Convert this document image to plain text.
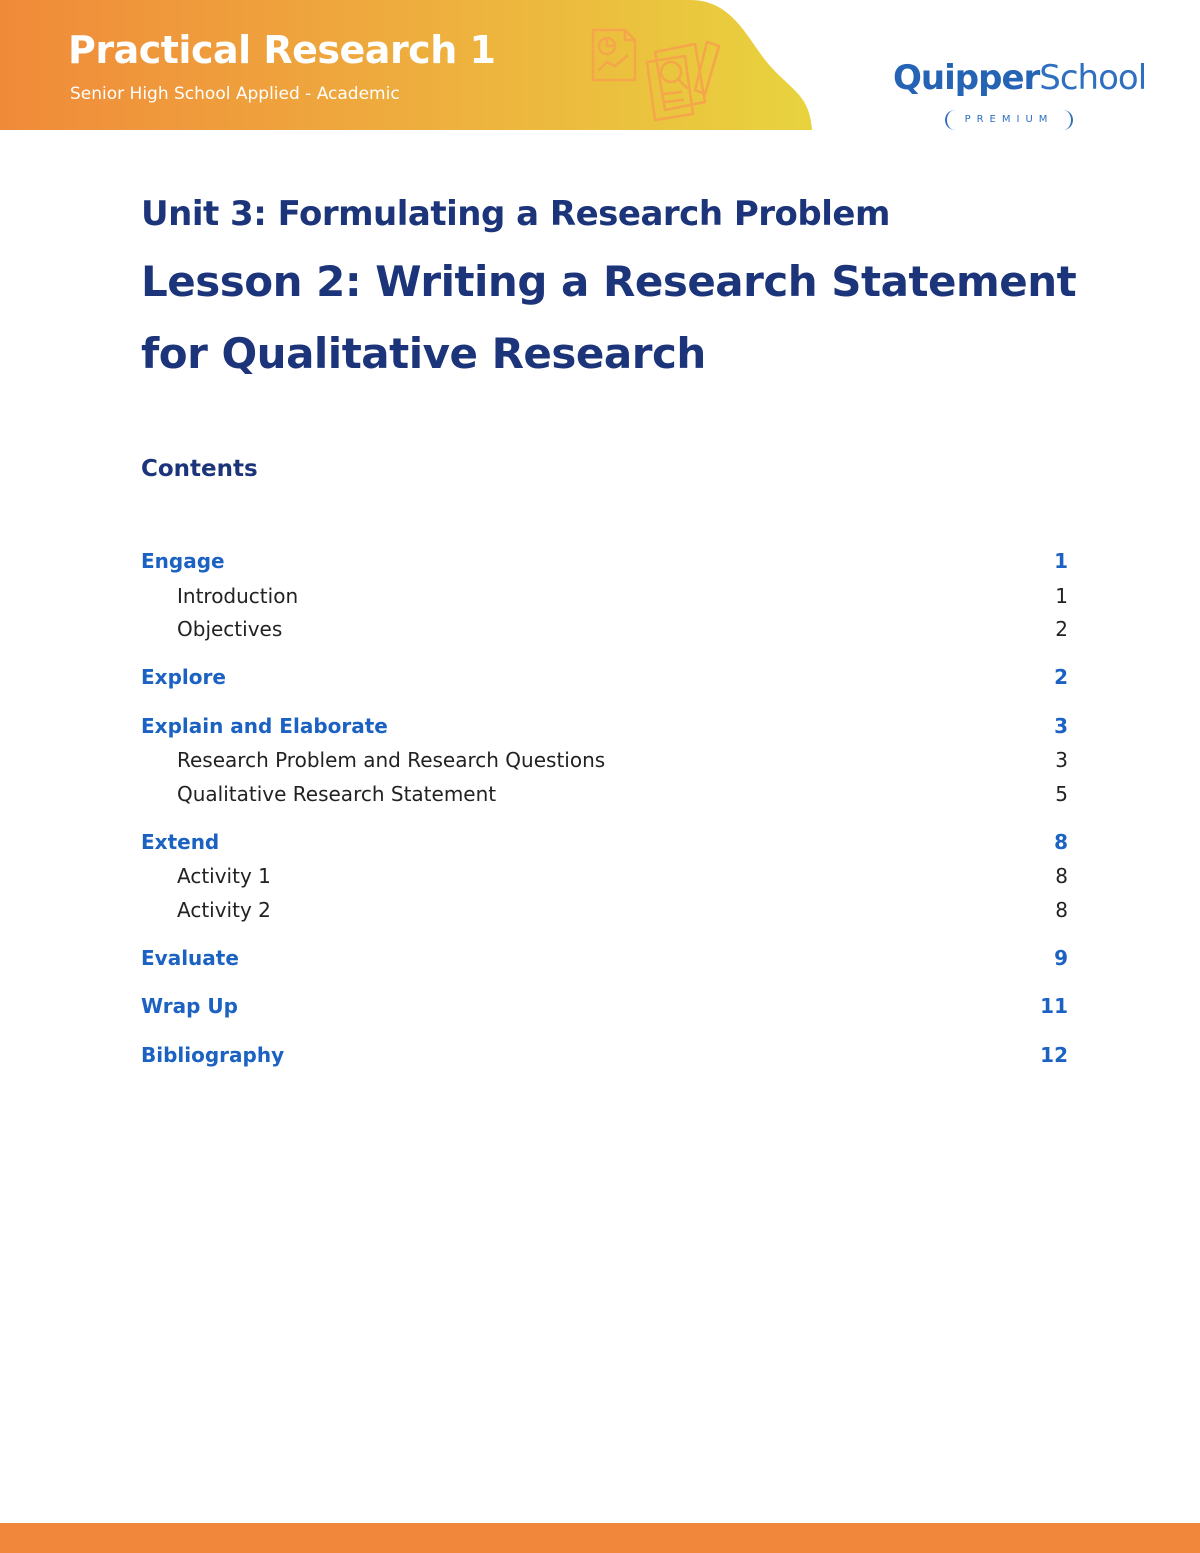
Practical Research 1
Senior High School Applied - Academic	QuipperSchool
PREMIUM
Unit 3: Formulating a Research Problem
Lesson 2: Writing a Research Statement for Qualitative Research
Contents
Engage	1
Introduction	1
Objectives	2
Explore	2
Explain and Elaborate	3
Research Problem and Research Questions	3
Qualitative Research Statement	5
Extend	8
Activity 1	8
Activity 2	8
Evaluate	9
Wrap Up	11
Bibliography	12
